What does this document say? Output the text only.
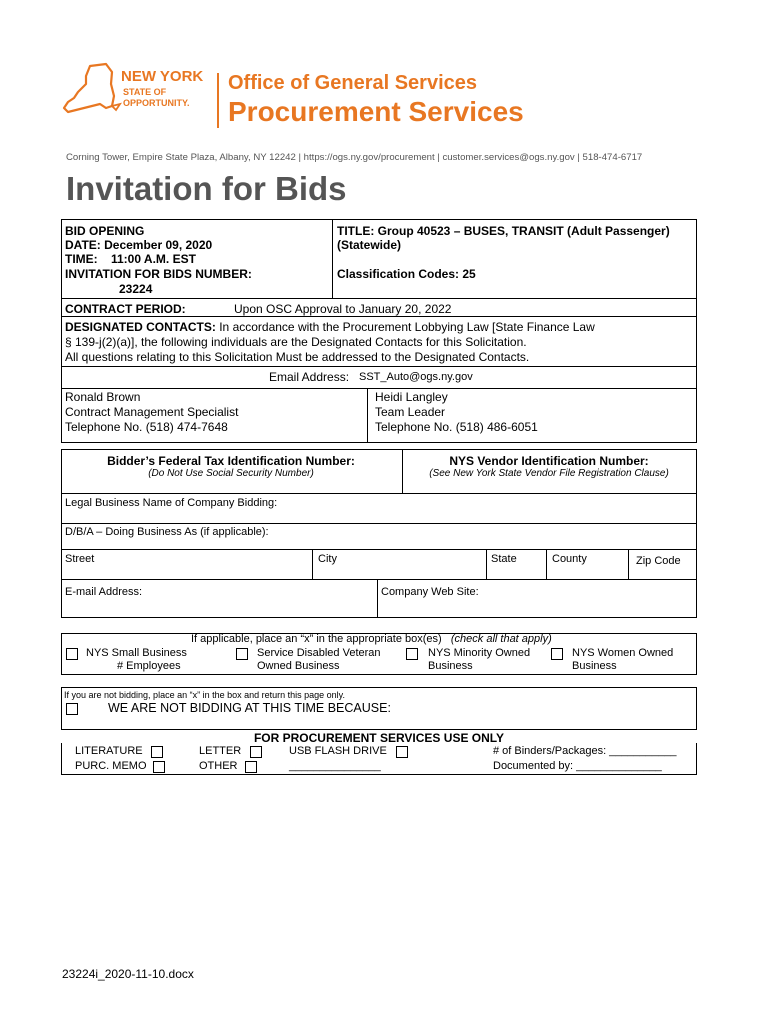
NEW YORK
STATE OF
OPPORTUNITY.
Office of General Services
Procurement Services
Corning Tower, Empire State Plaza, Albany, NY 12242 | https://ogs.ny.gov/procurement | customer.services@ogs.ny.gov | 518-474-6717
Invitation for Bids
BID OPENING
DATE: December 09, 2020
TIME:    11:00 A.M. EST
INVITATION FOR BIDS NUMBER:
23224
TITLE: Group 40523 – BUSES, TRANSIT (Adult Passenger)
(Statewide)
Classification Codes: 25
CONTRACT PERIOD:	Upon OSC Approval to January 20, 2022
DESIGNATED CONTACTS: In accordance with the Procurement Lobbying Law [State Finance Law
§ 139-j(2)(a)], the following individuals are the Designated Contacts for this Solicitation.
All questions relating to this Solicitation Must be addressed to the Designated Contacts.
Email Address: SST_Auto@ogs.ny.gov
Ronald Brown
Contract Management Specialist
Telephone No. (518) 474-7648
Heidi Langley
Team Leader
Telephone No. (518) 486-6051
Bidder’s Federal Tax Identification Number:
(Do Not Use Social Security Number)
NYS Vendor Identification Number:
(See New York State Vendor File Registration Clause)
Legal Business Name of Company Bidding:
D/B/A – Doing Business As (if applicable):
Street	City	State	County	Zip Code
E-mail Address:	Company Web Site:
If applicable, place an “x” in the appropriate box(es) (check all that apply)
NYS Small Business
# Employees
Service Disabled Veteran
Owned Business
NYS Minority Owned
Business
NYS Women Owned
Business
If you are not bidding, place an “x” in the box and return this page only.
WE ARE NOT BIDDING AT THIS TIME BECAUSE:
FOR PROCUREMENT SERVICES USE ONLY
LITERATURE
PURC. MEMO
LETTER
OTHER
USB FLASH DRIVE
_______________
# of Binders/Packages: ___________
Documented by: ______________
23224i_2020-11-10.docx
